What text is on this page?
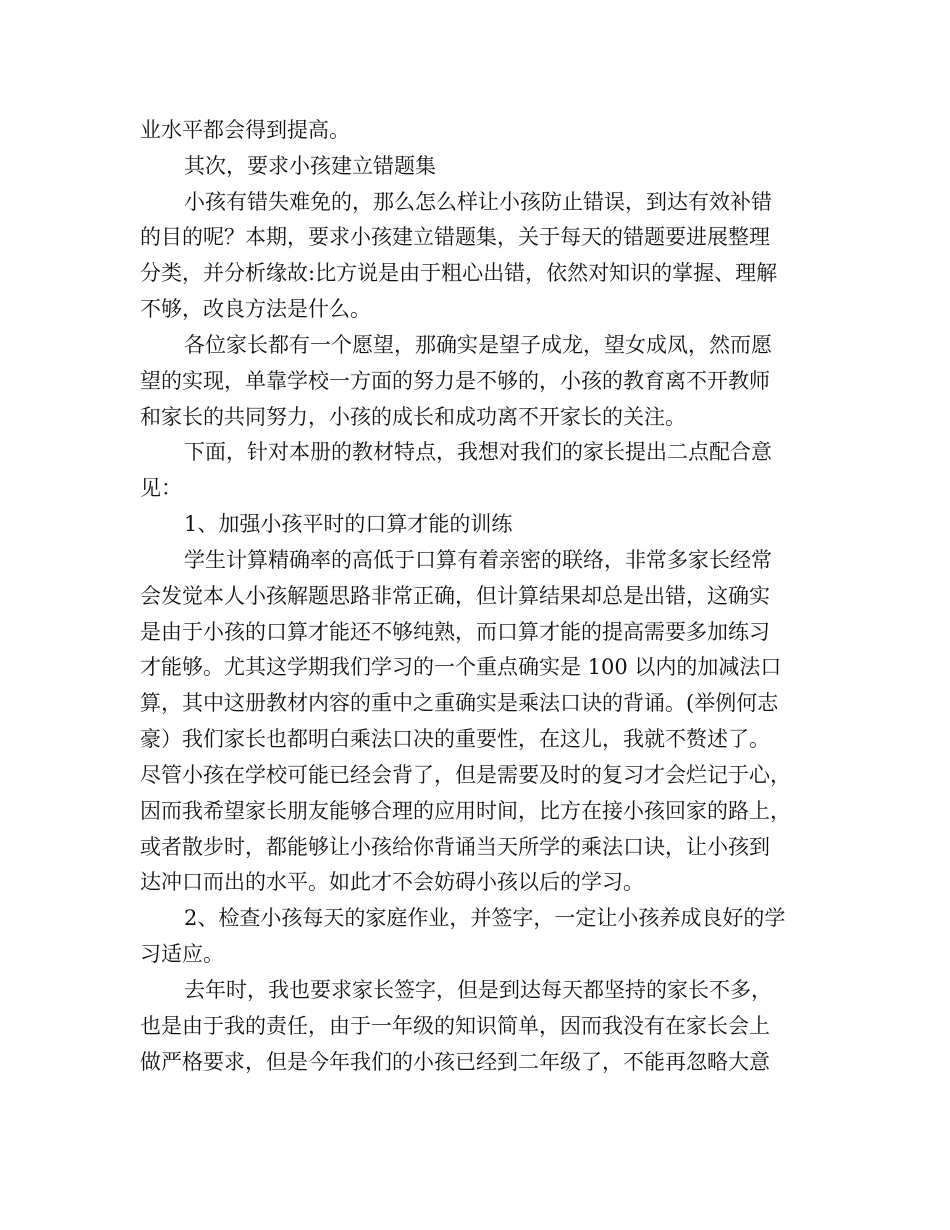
业水平都会得到提高。
其次，要求小孩建立错题集
小孩有错失难免的，那么怎么样让小孩防止错误，到达有效补错
的目的呢？本期，要求小孩建立错题集，关于每天的错题要进展整理
分类，并分析缘故:比方说是由于粗心出错，依然对知识的掌握、理解
不够，改良方法是什么。
各位家长都有一个愿望，那确实是望子成龙，望女成凤，然而愿
望的实现，单靠学校一方面的努力是不够的，小孩的教育离不开教师
和家长的共同努力，小孩的成长和成功离不开家长的关注。
下面，针对本册的教材特点，我想对我们的家长提出二点配合意
见：
1、加强小孩平时的口算才能的训练
学生计算精确率的高低于口算有着亲密的联络，非常多家长经常
会发觉本人小孩解题思路非常正确，但计算结果却总是出错，这确实
是由于小孩的口算才能还不够纯熟，而口算才能的提高需要多加练习
才能够。尤其这学期我们学习的一个重点确实是 100 以内的加减法口
算，其中这册教材内容的重中之重确实是乘法口诀的背诵。(举例何志
豪）我们家长也都明白乘法口决的重要性，在这儿，我就不赘述了。
尽管小孩在学校可能已经会背了，但是需要及时的复习才会烂记于心，
因而我希望家长朋友能够合理的应用时间，比方在接小孩回家的路上，
或者散步时，都能够让小孩给你背诵当天所学的乘法口诀，让小孩到
达冲口而出的水平。如此才不会妨碍小孩以后的学习。
2、检查小孩每天的家庭作业，并签字，一定让小孩养成良好的学
习适应。
去年时，我也要求家长签字，但是到达每天都坚持的家长不多，
也是由于我的责任，由于一年级的知识简单，因而我没有在家长会上
做严格要求，但是今年我们的小孩已经到二年级了，不能再忽略大意
